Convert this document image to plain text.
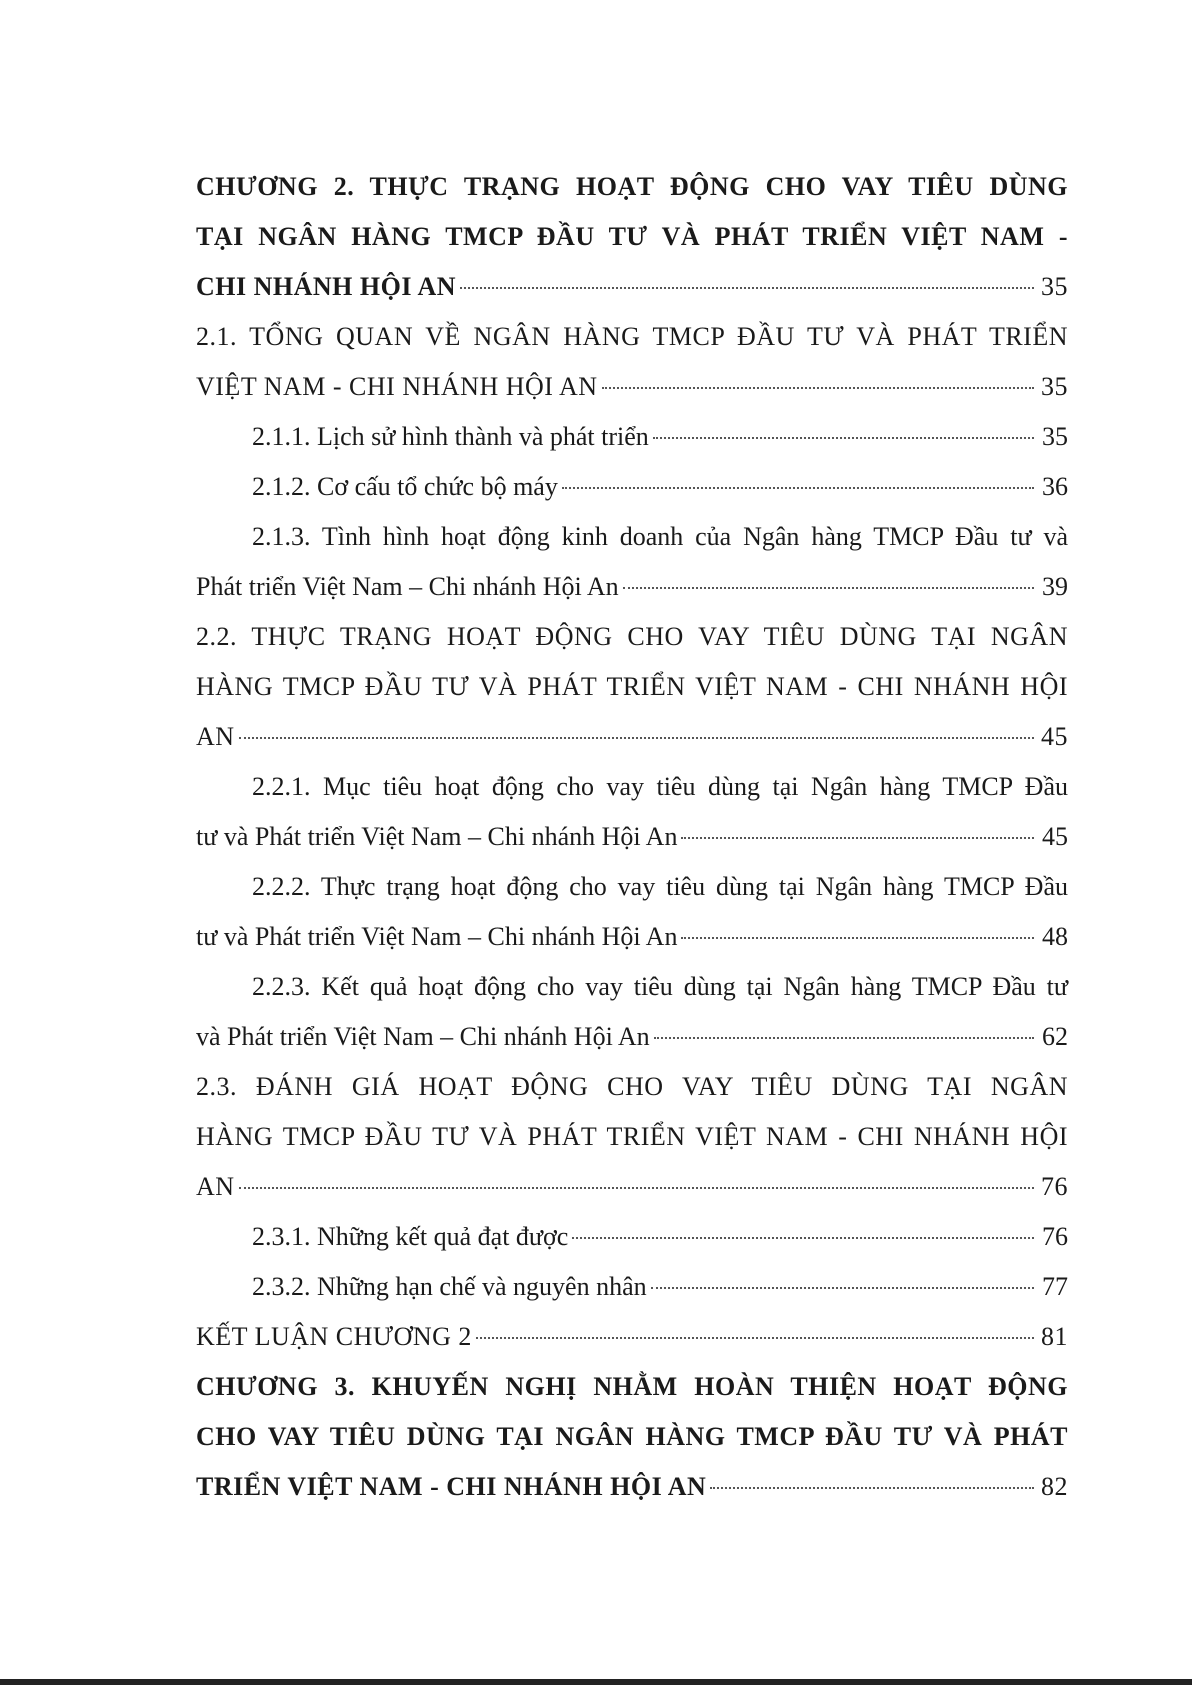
CHƯƠNG 2. THỰC TRẠNG HOẠT ĐỘNG CHO VAY TIÊU DÙNG
TẠI NGÂN HÀNG TMCP ĐẦU TƯ VÀ PHÁT TRIỂN VIỆT NAM -
CHI NHÁNH HỘI AN	35
2.1. TỔNG QUAN VỀ NGÂN HÀNG TMCP ĐẦU TƯ VÀ PHÁT TRIỂN
VIỆT NAM - CHI NHÁNH HỘI AN	35
2.1.1. Lịch sử hình thành và phát triển	35
2.1.2. Cơ cấu tổ chức bộ máy	36
2.1.3. Tình hình hoạt động kinh doanh của Ngân hàng TMCP Đầu tư và
Phát triển Việt Nam – Chi nhánh Hội An	39
2.2. THỰC TRẠNG HOẠT ĐỘNG CHO VAY TIÊU DÙNG TẠI NGÂN
HÀNG TMCP ĐẦU TƯ VÀ PHÁT TRIỂN VIỆT NAM - CHI NHÁNH HỘI
AN	45
2.2.1. Mục tiêu hoạt động cho vay tiêu dùng tại Ngân hàng TMCP Đầu
tư và Phát triển Việt Nam – Chi nhánh Hội An	45
2.2.2. Thực trạng hoạt động cho vay tiêu dùng tại Ngân hàng TMCP Đầu
tư và Phát triển Việt Nam – Chi nhánh Hội An	48
2.2.3. Kết quả hoạt động cho vay tiêu dùng tại Ngân hàng TMCP Đầu tư
và Phát triển Việt Nam – Chi nhánh Hội An	62
2.3. ĐÁNH GIÁ HOẠT ĐỘNG CHO VAY TIÊU DÙNG TẠI NGÂN
HÀNG TMCP ĐẦU TƯ VÀ PHÁT TRIỂN VIỆT NAM - CHI NHÁNH HỘI
AN	76
2.3.1. Những kết quả đạt được	76
2.3.2. Những hạn chế và nguyên nhân	77
KẾT LUẬN CHƯƠNG 2	81
CHƯƠNG 3. KHUYẾN NGHỊ NHẰM HOÀN THIỆN HOẠT ĐỘNG
CHO VAY TIÊU DÙNG TẠI NGÂN HÀNG TMCP ĐẦU TƯ VÀ PHÁT
TRIỂN VIỆT NAM - CHI NHÁNH HỘI AN	82
